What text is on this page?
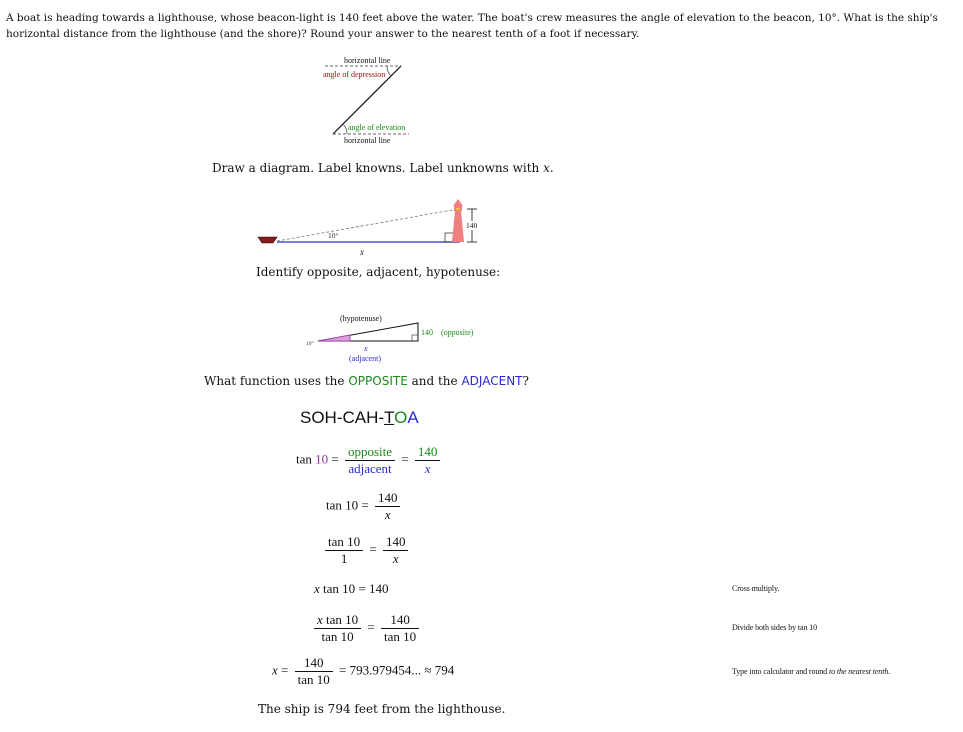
A boat is heading towards a lighthouse, whose beacon-light is 140 feet above the water. The boat's crew measures the angle of elevation to the beacon, 10°. What is the ship's horizontal distance from the lighthouse (and the shore)? Round your answer to the nearest tenth of a foot if necessary.
horizontal line
angle of depression
angle of elevation
horizontal line
Draw a diagram. Label knowns. Label unknowns with x.
140
10°
x
Identify opposite, adjacent, hypotenuse:
(hypotenuse)
140 (opposite)
10°	x
(adjacent)
What function uses the OPPOSITE and the ADJACENT?
SOH-CAH-TOA
$\tan 10 = \frac{\text{opposite}}{\text{adjacent}} = \frac{140}{x}$
$\tan 10 = \frac{140}{x}$
$\frac{\tan 10}{1} = \frac{140}{x}$
x tan 10 = 140	Cross multiply.
$\frac{\text{x tan 10}}{\tan 10} = \frac{140}{\tan 10}$	Divide both sides by tan 10
$x = \frac{140}{\tan 10} = 793.979454$... ≈ 794	Type into calculator and round to the nearest tenth.
The ship is 794 feet from the lighthouse.
